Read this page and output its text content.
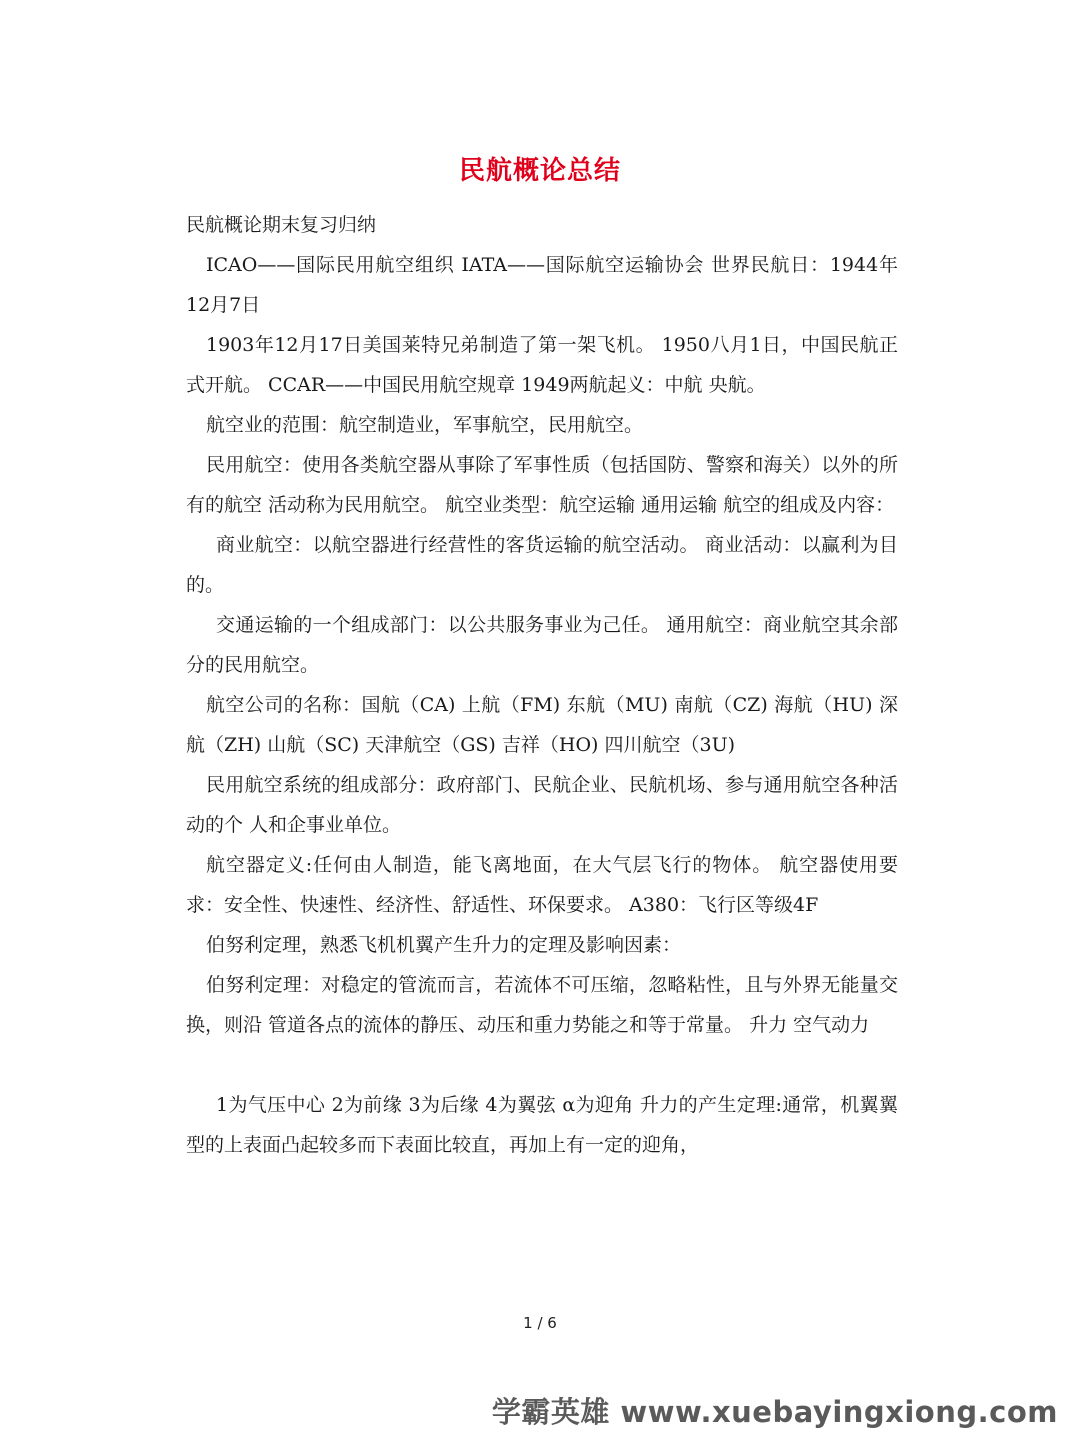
民航概论总结

民航概论期末复习归纳

ICAO——国际民用航空组织 IATA——国际航空运输协会 世界民航日：1944年12月7日

1903年12月17日美国莱特兄弟制造了第一架飞机。 1950八月1日，中国民航正式开航。 CCAR——中国民用航空规章 1949两航起义：中航 央航。

航空业的范围：航空制造业，军事航空，民用航空。

民用航空：使用各类航空器从事除了军事性质（包括国防、警察和海关）以外的所有的航空 活动称为民用航空。 航空业类型：航空运输 通用运输 航空的组成及内容：

商业航空：以航空器进行经营性的客货运输的航空活动。 商业活动：以赢利为目的。

交通运输的一个组成部门：以公共服务事业为己任。 通用航空：商业航空其余部分的民用航空。

航空公司的名称：国航（CA) 上航（FM) 东航（MU) 南航（CZ) 海航（HU) 深航（ZH) 山航（SC) 天津航空（GS) 吉祥（HO) 四川航空（3U)

民用航空系统的组成部分：政府部门、民航企业、民航机场、参与通用航空各种活动的个 人和企事业单位。

航空器定义:任何由人制造，能飞离地面，在大气层飞行的物体。 航空器使用要求：安全性、快速性、经济性、舒适性、环保要求。 A380：飞行区等级4F

伯努利定理，熟悉飞机机翼产生升力的定理及影响因素：

伯努利定理：对稳定的管流而言，若流体不可压缩，忽略粘性，且与外界无能量交换，则沿 管道各点的流体的静压、动压和重力势能之和等于常量。 升力 空气动力

1为气压中心 2为前缘 3为后缘 4为翼弦 α为迎角 升力的产生定理:通常，机翼翼型的上表面凸起较多而下表面比较直，再加上有一定的迎角，

1 / 6
学霸英雄 www.xuebayingxiong.com
